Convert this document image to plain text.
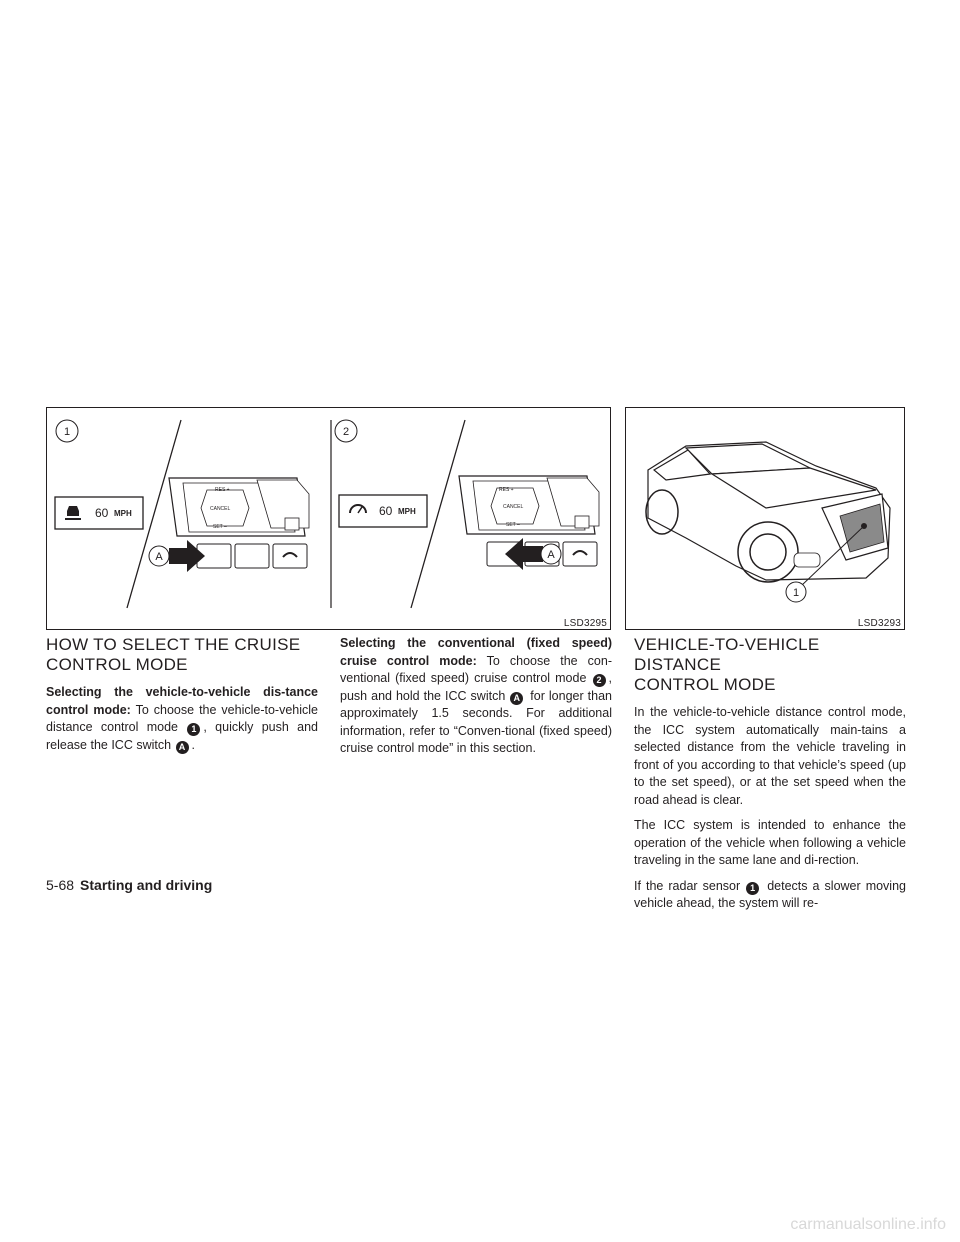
1
60 MPH
RES +
CANCEL
SET –
A
2
60 MPH
RES +
CANCEL
SET –
A
LSD3295
1
LSD3293
HOW TO SELECT THE CRUISE
CONTROL MODE

Selecting the vehicle-to-vehicle dis-tance control mode: To choose the vehicle-to-vehicle distance control mode 1 , quickly push and release the ICC switch A .

Selecting the conventional (fixed speed) cruise control mode: To choose the con-ventional (fixed speed) cruise control mode 2 , push and hold the ICC switch A for longer than approximately 1.5 seconds. For additional information, refer to “Conven-tional (fixed speed) cruise control mode” in this section.

VEHICLE-TO-VEHICLE DISTANCE
CONTROL MODE

In the vehicle-to-vehicle distance control mode, the ICC system automatically main-tains a selected distance from the vehicle traveling in front of you according to that vehicle’s speed (up to the set speed), or at the set speed when the road ahead is clear.

The ICC system is intended to enhance the operation of the vehicle when following a vehicle traveling in the same lane and di-rection.

If the radar sensor 1 detects a slower moving vehicle ahead, the system will re-

5-68 Starting and driving
carmanualsonline.info
